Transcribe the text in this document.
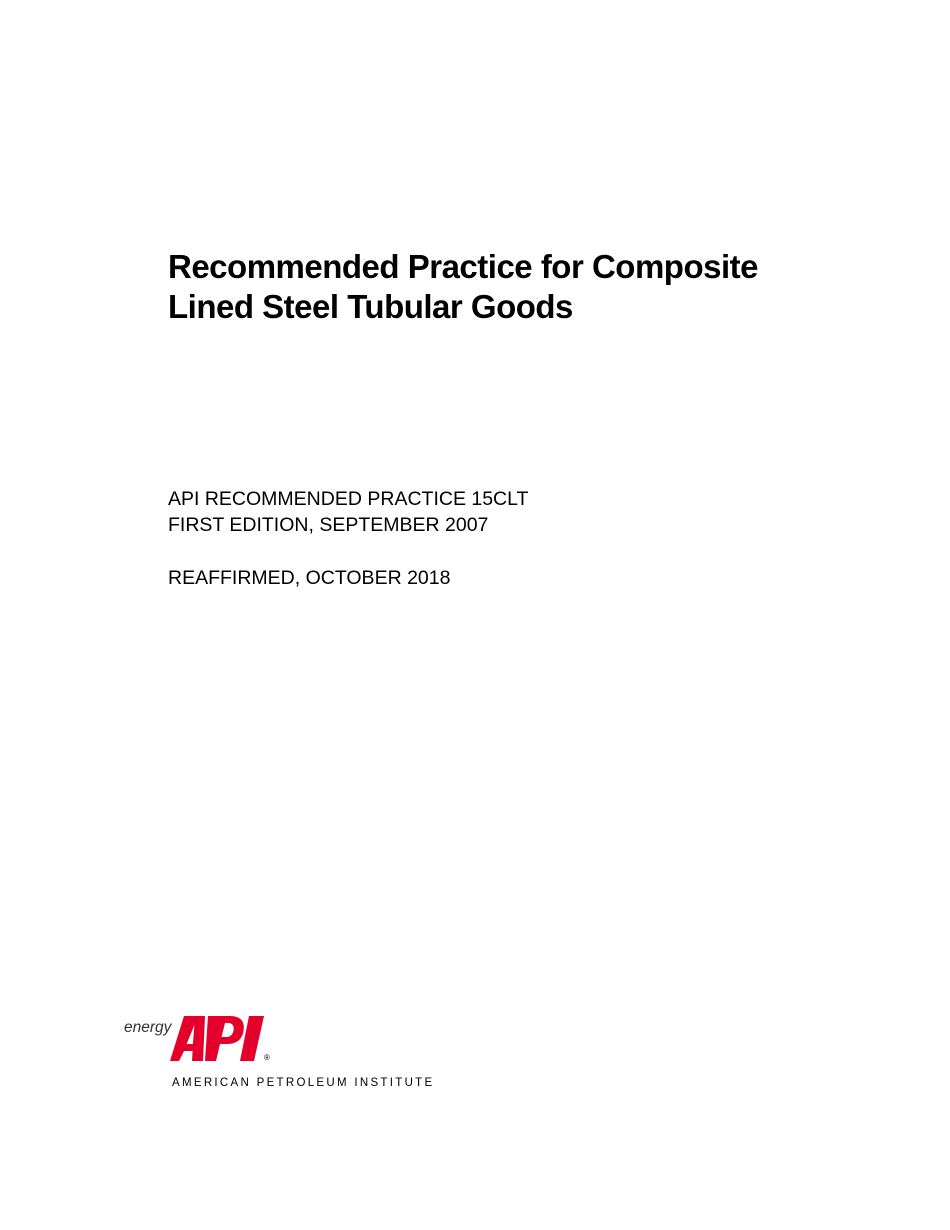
Recommended Practice for Composite
Lined Steel Tubular Goods
API RECOMMENDED PRACTICE 15CLT
FIRST EDITION, SEPTEMBER 2007
REAFFIRMED, OCTOBER 2018
energy
®
AMERICAN PETROLEUM INSTITUTE
